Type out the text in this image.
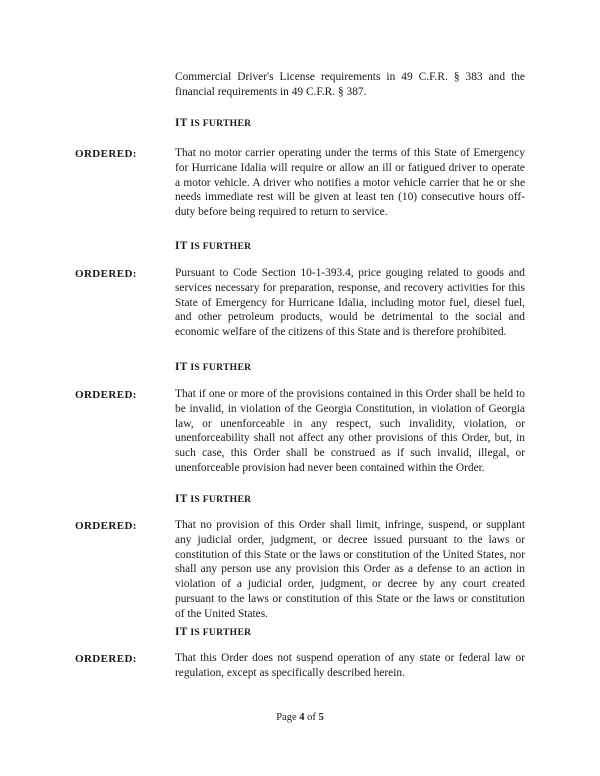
Commercial Driver's License requirements in 49 C.F.R. § 383 and the financial requirements in 49 C.F.R. § 387.
IT IS FURTHER
ORDERED:	That no motor carrier operating under the terms of this State of Emergency for Hurricane Idalia will require or allow an ill or fatigued driver to operate a motor vehicle. A driver who notifies a motor vehicle carrier that he or she needs immediate rest will be given at least ten (10) consecutive hours off-duty before being required to return to service.
IT IS FURTHER
ORDERED:	Pursuant to Code Section 10-1-393.4, price gouging related to goods and services necessary for preparation, response, and recovery activities for this State of Emergency for Hurricane Idalia, including motor fuel, diesel fuel, and other petroleum products, would be detrimental to the social and economic welfare of the citizens of this State and is therefore prohibited.
IT IS FURTHER
ORDERED:	That if one or more of the provisions contained in this Order shall be held to be invalid, in violation of the Georgia Constitution, in violation of Georgia law, or unenforceable in any respect, such invalidity, violation, or unenforceability shall not affect any other provisions of this Order, but, in such case, this Order shall be construed as if such invalid, illegal, or unenforceable provision had never been contained within the Order.
IT IS FURTHER
ORDERED:	That no provision of this Order shall limit, infringe, suspend, or supplant any judicial order, judgment, or decree issued pursuant to the laws or constitution of this State or the laws or constitution of the United States, nor shall any person use any provision this Order as a defense to an action in violation of a judicial order, judgment, or decree by any court created pursuant to the laws or constitution of this State or the laws or constitution of the United States.
IT IS FURTHER
ORDERED:	That this Order does not suspend operation of any state or federal law or regulation, except as specifically described herein.
Page 4 of 5
